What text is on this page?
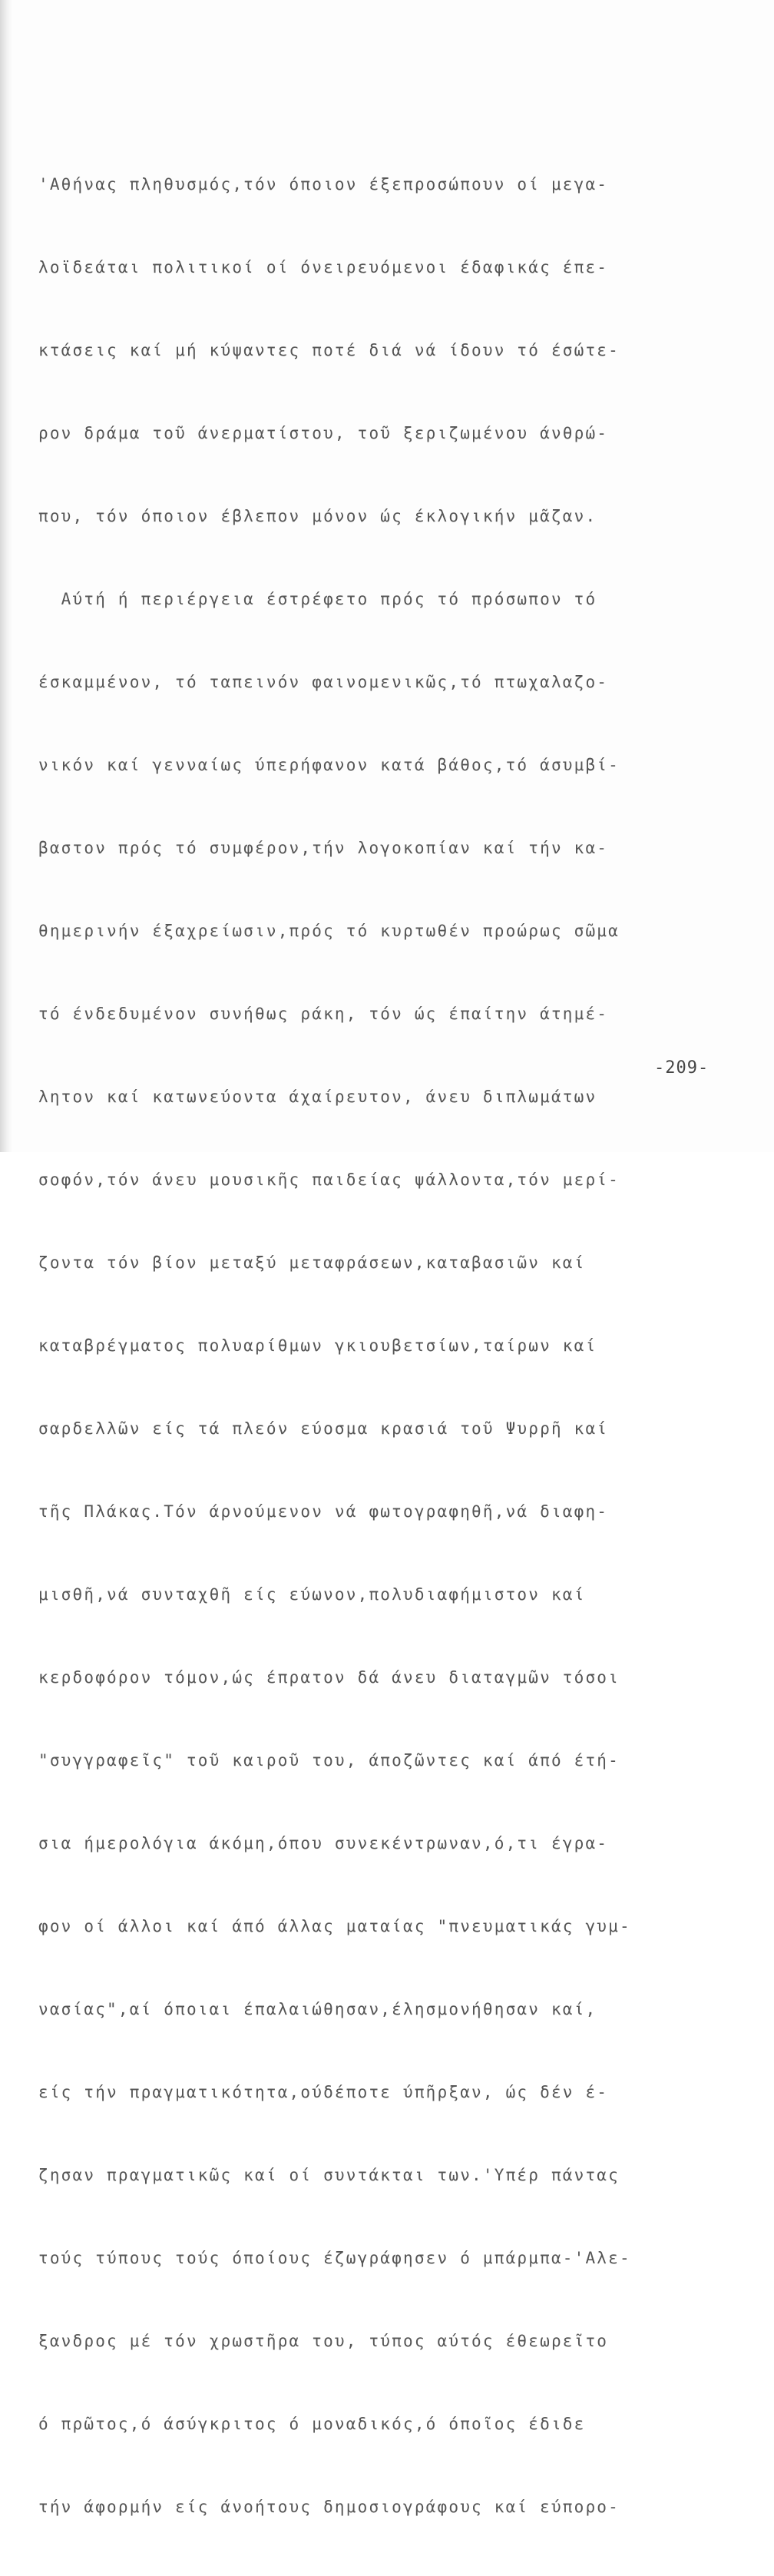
'Αθήνας πληθυσμός,τόν όποιον έξεπροσώπουν οί μεγα-

λοϊδεάται πολιτικοί οί όνειρευόμενοι έδαφικάς έπε-

κτάσεις καί μή κύψαντες ποτέ διά νά ίδουν τό έσώτε-

ρον δράμα τοῦ άνερματίστου, τοῦ ξεριζωμένου άνθρώ-

που, τόν όποιον έβλεπον μόνον ώς έκλογικήν μᾶζαν.

Αύτή ή περιέργεια έστρέφετο πρός τό πρόσωπον τό

έσκαμμένον, τό ταπεινόν φαινομενικῶς,τό πτωχαλαζο-

νικόν καί γενναίως ύπερήφανον κατά βάθος,τό άσυμβί-

βαστον πρός τό συμφέρον,τήν λογοκοπίαν καί τήν κα-

θημερινήν έξαχρείωσιν,πρός τό κυρτωθέν προώρως σῶμα

τό ένδεδυμένον συνήθως ράκη, τόν ώς έπαίτην άτημέ-

λητον καί κατωνεύοντα άχαίρευτον, άνευ διπλωμάτων

σοφόν,τόν άνευ μουσικῆς παιδείας ψάλλοντα,τόν μερί-

ζοντα τόν βίον μεταξύ μεταφράσεων,καταβασιῶν καί

καταβρέγματος πολυαρίθμων γκιουβετσίων,ταίρων καί

σαρδελλῶν είς τά πλεόν εύοσμα κρασιά τοῦ Ψυρρῆ καί

τῆς Πλάκας.Τόν άρνούμενον νά φωτογραφηθῆ,νά διαφη-

μισθῆ,νά συνταχθῆ είς εύωνον,πολυδιαφήμιστον καί

κερδοφόρον τόμον,ώς έπρατον δά άνευ διαταγμῶν τόσοι

"συγγραφεῖς" τοῦ καιροῦ του, άποζῶντες καί άπό έτή-

σια ήμερολόγια άκόμη,όπου συνεκέντρωναν,ό,τι έγρα-

φον οί άλλοι καί άπό άλλας ματαίας "πνευματικάς γυμ-

νασίας",αί όποιαι έπαλαιώθησαν,έλησμονήθησαν καί,

είς τήν πραγματικότητα,ούδέποτε ύπῆρξαν, ώς δέν έ-

ζησαν πραγματικῶς καί οί συντάκται των.'Υπέρ πάντας

τούς τύπους τούς όποίους έζωγράφησεν ό μπάρμπα-'Αλε-

ξανδρος μέ τόν χρωστῆρα του, τύπος αύτός έθεωρεῖτο

ό πρῶτος,ό άσύγκριτος ό μοναδικός,ό όποῖος έδιδε

τήν άφορμήν είς άνοήτους δημοσιογράφους καί εύπορο-

-209-
